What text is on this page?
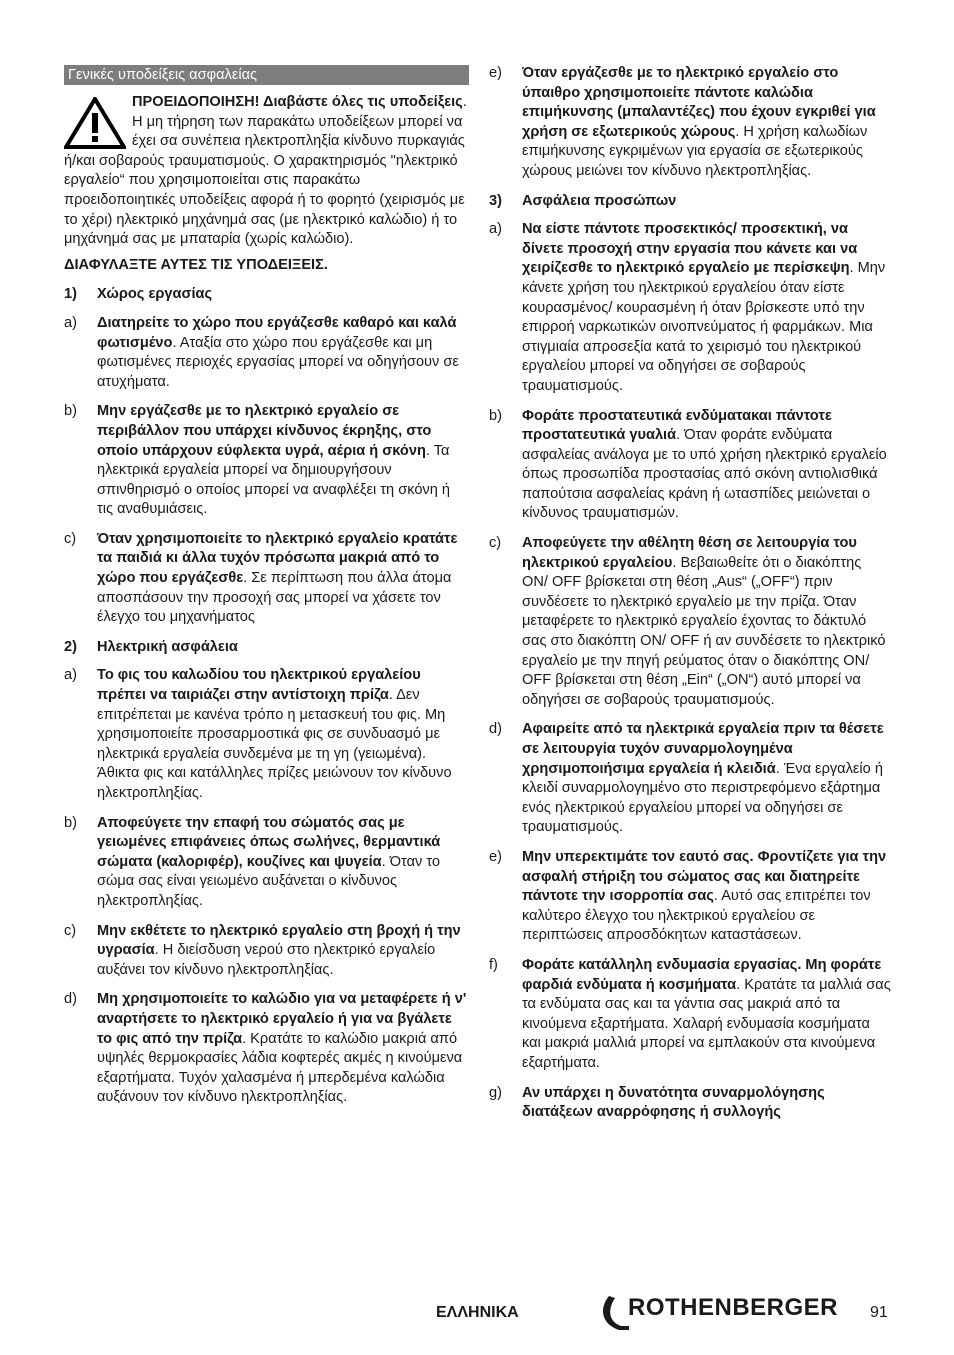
Γενικές υποδείξεις ασφαλείας
ΠΡΟΕΙΔΟΠΟΙΗΣΗ! Διαβάστε όλες τις υποδείξεις. Η μη τήρηση των παρακάτω υποδείξεων μπορεί να έχει σα συνέπεια ηλεκτροπληξία κίνδυνο πυρκαγιάς ή/και σοβαρούς τραυματισμούς. Ο χαρακτηρισμός "ηλεκτρικό εργαλείο“ που χρησιμοποιείται στις παρακάτω προειδοποιητικές υποδείξεις αφορά ή το φορητό (χειρισμός με το χέρι) ηλεκτρικό μηχάνημά σας (με ηλεκτρικό καλώδιο) ή το μηχάνημά σας με μπαταρία (χωρίς καλώδιο).
ΔΙΑΦΥΛΑΞΤΕ ΑΥΤΕΣ ΤΙΣ ΥΠΟΔΕΙΞΕΙΣ.
1)	Χώρος εργασίας
a)	Διατηρείτε το χώρο που εργάζεσθε καθαρό και καλά φωτισμένο. Αταξία στο χώρο που εργάζεσθε και μη φωτισμένες περιοχές εργασίας μπορεί να οδηγήσουν σε ατυχήματα.
b)	Μην εργάζεσθε με το ηλεκτρικό εργαλείο σε περιβάλλον που υπάρχει κίνδυνος έκρηξης, στο οποίο υπάρχουν εύφλεκτα υγρά, αέρια ή σκόνη. Τα ηλεκτρικά εργαλεία μπορεί να δημιουργήσουν σπινθηρισμό ο οποίος μπορεί να αναφλέξει τη σκόνη ή τις αναθυμιάσεις.
c)	Όταν χρησιμοποιείτε το ηλεκτρικό εργαλείο κρατάτε τα παιδιά κι άλλα τυχόν πρόσωπα μακριά από το χώρο που εργάζεσθε. Σε περίπτωση που άλλα άτομα αποσπάσουν την προσοχή σας μπορεί να χάσετε τον έλεγχο του μηχανήματος
2)	Ηλεκτρική ασφάλεια
a)	Το φις του καλωδίου του ηλεκτρικού εργαλείου πρέπει να ταιριάζει στην αντίστοιχη πρίζα. Δεν επιτρέπεται με κανένα τρόπο η μετασκευή του φις. Μη χρησιμοποιείτε προσαρμοστικά φις σε συνδυασμό με ηλεκτρικά εργαλεία συνδεμένα με τη γη (γειωμένα). Άθικτα φις και κατάλληλες πρίζες μειώνουν τον κίνδυνο ηλεκτροπληξίας.
b)	Αποφεύγετε την επαφή του σώματός σας με γειωμένες επιφάνειες όπως σωλήνες, θερμαντικά σώματα (καλοριφέρ), κουζίνες και ψυγεία. Όταν το σώμα σας είναι γειωμένο αυξάνεται ο κίνδυνος ηλεκτροπληξίας.
c)	Μην εκθέτετε το ηλεκτρικό εργαλείο στη βροχή ή την υγρασία. Η διείσδυση νερού στο ηλεκτρικό εργαλείο αυξάνει τον κίνδυνο ηλεκτροπληξίας.
d)	Μη χρησιμοποιείτε το καλώδιο για να μεταφέρετε ή ν' αναρτήσετε το ηλεκτρικό εργαλείο ή για να βγάλετε το φις από την πρίζα. Κρατάτε το καλώδιο μακριά από υψηλές θερμοκρασίες λάδια κοφτερές ακμές η κινούμενα εξαρτήματα. Τυχόν χαλασμένα ή μπερδεμένα καλώδια αυξάνουν τον κίνδυνο ηλεκτροπληξίας.
e)	Όταν εργάζεσθε με το ηλεκτρικό εργαλείο στο ύπαιθρο χρησιμοποιείτε πάντοτε καλώδια επιμήκυνσης (μπαλαντέζες) που έχουν εγκριθεί για χρήση σε εξωτερικούς χώρους. Η χρήση καλωδίων επιμήκυνσης εγκριμένων για εργασία σε εξωτερικούς χώρους μειώνει τον κίνδυνο ηλεκτροπληξίας.
3)	Ασφάλεια προσώπων
a)	Να είστε πάντοτε προσεκτικός/ προσεκτική, να δίνετε προσοχή στην εργασία που κάνετε και να χειρίζεσθε το ηλεκτρικό εργαλείο με περίσκεψη. Μην κάνετε χρήση του ηλεκτρικού εργαλείου όταν είστε κουρασμένος/ κουρασμένη ή όταν βρίσκεστε υπό την επιρροή ναρκωτικών οινοπνεύματος ή φαρμάκων. Μια στιγμιαία απροσεξία κατά το χειρισμό του ηλεκτρικού εργαλείου μπορεί να οδηγήσει σε σοβαρούς τραυματισμούς.
b)	Φοράτε προστατευτικά ενδύματακαι πάντοτε προστατευτικά γυαλιά. Όταν φοράτε ενδύματα ασφαλείας ανάλογα με το υπό χρήση ηλεκτρικό εργαλείο όπως προσωπίδα προστασίας από σκόνη αντιολισθικά παπούτσια ασφαλείας κράνη ή ωτασπίδες μειώνεται ο κίνδυνος τραυματισμών.
c)	Αποφεύγετε την αθέλητη θέση σε λειτουργία του ηλεκτρικού εργαλείου. Βεβαιωθείτε ότι ο διακόπτης ON/ OFF βρίσκεται στη θέση „Aus“ („OFF“) πριν συνδέσετε το ηλεκτρικό εργαλείο με την πρίζα. Όταν μεταφέρετε το ηλεκτρικό εργαλείο έχοντας το δάκτυλό σας στο διακόπτη ON/ OFF ή αν συνδέσετε το ηλεκτρικό εργαλείο με την πηγή ρεύματος όταν ο διακόπτης ON/ OFF βρίσκεται στη θέση „Ein“ („ON“) αυτό μπορεί να οδηγήσει σε σοβαρούς τραυματισμούς.
d)	Αφαιρείτε από τα ηλεκτρικά εργαλεία πριν τα θέσετε σε λειτουργία τυχόν συναρμολογημένα χρησιμοποιήσιμα εργαλεία ή κλειδιά. Ένα εργαλείο ή κλειδί συναρμολογημένο στο περιστρεφόμενο εξάρτημα ενός ηλεκτρικού εργαλείου μπορεί να οδηγήσει σε τραυματισμούς.
e)	Μην υπερεκτιμάτε τον εαυτό σας. Φροντίζετε για την ασφαλή στήριξη του σώματος σας και διατηρείτε πάντοτε την ισορροπία σας. Αυτό σας επιτρέπει τον καλύτερο έλεγχο του ηλεκτρικού εργαλείου σε περιπτώσεις απροσδόκητων καταστάσεων.
f)	Φοράτε κατάλληλη ενδυμασία εργασίας. Μη φοράτε φαρδιά ενδύματα ή κοσμήματα. Κρατάτε τα μαλλιά σας τα ενδύματα σας και τα γάντια σας μακριά από τα κινούμενα εξαρτήματα. Χαλαρή ενδυμασία κοσμήματα και μακριά μαλλιά μπορεί να εμπλακούν στα κινούμενα εξαρτήματα.
g)	Αν υπάρχει η δυνατότητα συναρμολόγησης διατάξεων αναρρόφησης ή συλλογής
ΕΛΛΗΝΙΚΑ	ROTHENBERGER 91
